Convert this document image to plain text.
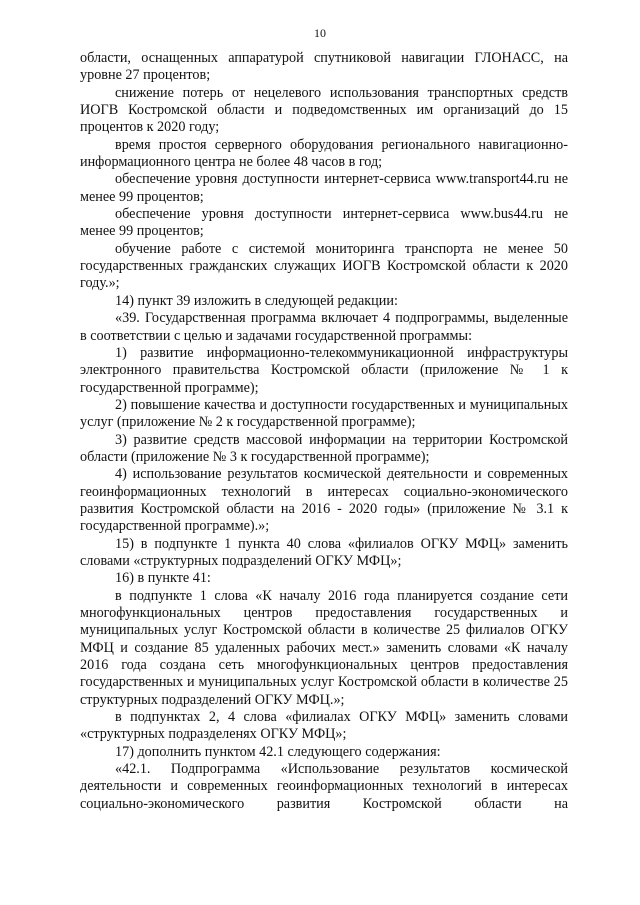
10

области, оснащенных аппаратурой спутниковой навигации ГЛОНАСС, на уровне 27 процентов;

снижение потерь от нецелевого использования транспортных средств ИОГВ Костромской области и подведомственных им организаций до 15 процентов к 2020 году;

время простоя серверного оборудования регионального навигационно-информационного центра не более 48 часов в год;

обеспечение уровня доступности интернет-сервиса www.transport44.ru не менее 99 процентов;

обеспечение уровня доступности интернет-сервиса www.bus44.ru не менее 99 процентов;

обучение работе с системой мониторинга транспорта не менее 50 государственных гражданских служащих ИОГВ Костромской области к 2020 году.»;

14) пункт 39 изложить в следующей редакции:

«39. Государственная программа включает 4 подпрограммы, выделенные в соответствии с целью и задачами государственной программы:

1) развитие информационно-телекоммуникационной инфраструктуры электронного правительства Костромской области (приложение № 1 к государственной программе);

2) повышение качества и доступности государственных и муниципальных услуг (приложение № 2 к государственной программе);

3) развитие средств массовой информации на территории Костромской области (приложение № 3 к государственной программе);

4) использование результатов космической деятельности и современных геоинформационных технологий в интересах социально-экономического развития Костромской области на 2016 - 2020 годы» (приложение № 3.1 к государственной программе).»;

15) в подпункте 1 пункта 40 слова «филиалов ОГКУ МФЦ» заменить словами «структурных подразделений ОГКУ МФЦ»;

16) в пункте 41:

в подпункте 1 слова «К началу 2016 года планируется создание сети многофункциональных центров предоставления государственных и муниципальных услуг Костромской области в количестве 25 филиалов ОГКУ МФЦ и создание 85 удаленных рабочих мест.» заменить словами «К началу 2016 года создана сеть многофункциональных центров предоставления государственных и муниципальных услуг Костромской области в количестве 25 структурных подразделений ОГКУ МФЦ.»;

в подпунктах 2, 4 слова «филиалах ОГКУ МФЦ» заменить словами «структурных подразделенях ОГКУ МФЦ»;

17) дополнить пунктом 42.1 следующего содержания:

«42.1. Подпрограмма «Использование результатов космической деятельности и современных геоинформационных технологий в интересах социально-экономического развития Костромской области на
